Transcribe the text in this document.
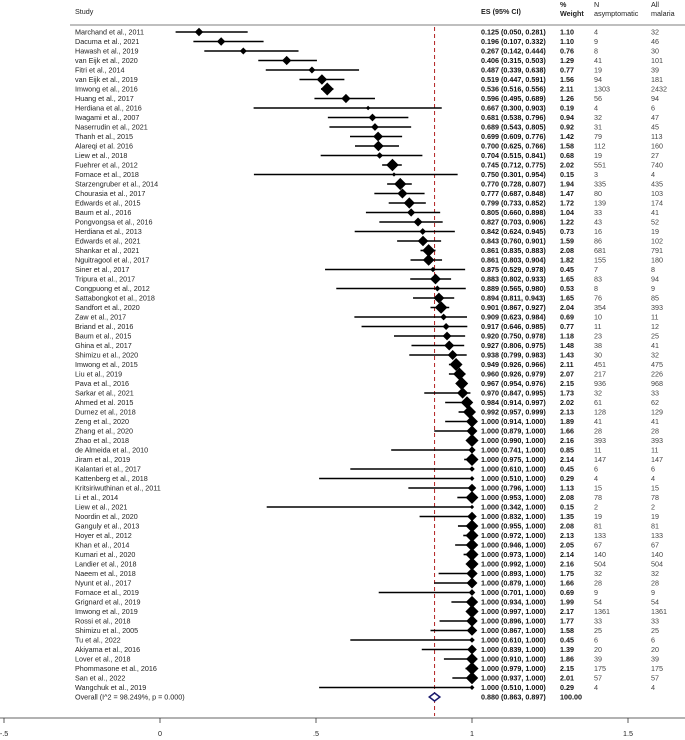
Study	ES (95% CI)
%
Weight
N
asymptomatic
All
malaria
Marchand et al., 2011	0.125 (0.050, 0.281) 1.10	4	32
Dacuma et al., 2021	0.196 (0.107, 0.332) 1.10	9	46
Hawash et al., 2019	0.267 (0.142, 0.444) 0.76	8	30
van Eijk et al., 2020	0.406 (0.315, 0.503) 1.29	41	101
Fitri et al., 2014	0.487 (0.339, 0.638) 0.77	19	39
van Eijk et al., 2019	0.519 (0.447, 0.591) 1.56	94	181
Imwong et al., 2016	0.536 (0.516, 0.556) 2.11	1303	2432
Huang et al., 2017	0.596 (0.495, 0.689) 1.26	56	94
Herdiana et al., 2016	0.667 (0.300, 0.903) 0.19	4	6
Iwagami et al., 2007	0.681 (0.538, 0.796) 0.94	32	47
Naserrudin et al., 2021	0.689 (0.543, 0.805) 0.92	31	45
Thanh et al., 2015	0.699 (0.609, 0.776) 1.42	79	113
Alareqi et al. 2016	0.700 (0.625, 0.766) 1.58	112	160
Liew et al., 2018	0.704 (0.515, 0.841) 0.68	19	27
Fuehrer et al., 2012	0.745 (0.712, 0.775) 2.02	551	740
Fornace et al., 2018	0.750 (0.301, 0.954) 0.15	3	4
Starzengruber et al., 2014	0.770 (0.728, 0.807) 1.94	335	435
Chourasia et al., 2017	0.777 (0.687, 0.848) 1.47	80	103
Edwards et al., 2015	0.799 (0.733, 0.852) 1.72	139	174
Baum et al., 2016	0.805 (0.660, 0.898) 1.04	33	41
Pongvongsa et al., 2016	0.827 (0.703, 0.906) 1.22	43	52
Herdiana et al., 2013	0.842 (0.624, 0.945) 0.73	16	19
Edwards et al., 2021	0.843 (0.760, 0.901) 1.59	86	102
Shankar et al., 2021	0.861 (0.835, 0.883) 2.08	681	791
Nguitragool et al., 2017	0.861 (0.803, 0.904) 1.82	155	180
Siner et al., 2017	0.875 (0.529, 0.978) 0.45	7	8
Tripura et al., 2017	0.883 (0.802, 0.933) 1.65	83	94
Congpuong et al., 2012	0.889 (0.565, 0.980) 0.53	8	9
Sattabongkot et al., 2018	0.894 (0.811, 0.943) 1.65	76	85
Sandfort et al., 2020	0.901 (0.867, 0.927) 2.04	354	393
Zaw et al., 2017	0.909 (0.623, 0.984) 0.69	10	11
Briand et al., 2016	0.917 (0.646, 0.985) 0.77	11	12
Baum et al., 2015	0.920 (0.750, 0.978) 1.18	23	25
Ghina et al., 2017	0.927 (0.806, 0.975) 1.48	38	41
Shimizu et al., 2020	0.938 (0.799, 0.983) 1.43	30	32
Imwong et al., 2015	0.949 (0.926, 0.966) 2.11	451	475
Liu et al., 2019	0.960 (0.926, 0.979) 2.07	217	226
Pava et al., 2016	0.967 (0.954, 0.976) 2.15	936	968
Sarkar et al., 2021	0.970 (0.847, 0.995) 1.73	32	33
Ahmed et al. 2015	0.984 (0.914, 0.997) 2.02	61	62
Durnez et al., 2018	0.992 (0.957, 0.999) 2.13	128	129
Zeng et al., 2020	1.000 (0.914, 1.000) 1.89	41	41
Zhang et al., 2020	1.000 (0.879, 1.000) 1.66	28	28
Zhao et al., 2018	1.000 (0.990, 1.000) 2.16	393	393
de Almeida et al., 2010	1.000 (0.741, 1.000) 0.85	11	11
Jiram et al., 2019	1.000 (0.975, 1.000) 2.14	147	147
Kalantari et al., 2017	1.000 (0.610, 1.000) 0.45	6	6
Kattenberg et al., 2018	1.000 (0.510, 1.000) 0.29	4	4
Kritsiriwuthinan et al., 2011	1.000 (0.796, 1.000) 1.13	15	15
Li et al., 2014	1.000 (0.953, 1.000) 2.08	78	78
Liew et al., 2021	1.000 (0.342, 1.000) 0.15	2	2
Noordin et al., 2020	1.000 (0.832, 1.000) 1.35	19	19
Ganguly et al., 2013	1.000 (0.955, 1.000) 2.08	81	81
Hoyer et al., 2012	1.000 (0.972, 1.000) 2.13	133	133
Khan et al., 2014	1.000 (0.946, 1.000) 2.05	67	67
Kumari et al., 2020	1.000 (0.973, 1.000) 2.14	140	140
Landier et al., 2018	1.000 (0.992, 1.000) 2.16	504	504
Naeem et al., 2018	1.000 (0.893, 1.000) 1.75	32	32
Nyunt et al., 2017	1.000 (0.879, 1.000) 1.66	28	28
Fornace et al., 2019	1.000 (0.701, 1.000) 0.69	9	9
Grignard et al., 2019	1.000 (0.934, 1.000) 1.99	54	54
Imwong et al., 2019	1.000 (0.997, 1.000) 2.17	1361	1361
Rossi et al., 2018	1.000 (0.896, 1.000) 1.77	33	33
Shimizu et al., 2005	1.000 (0.867, 1.000) 1.58	25	25
Tu et al., 2022	1.000 (0.610, 1.000) 0.45	6	6
Akiyama et al., 2016	1.000 (0.839, 1.000) 1.39	20	20
Lover et al., 2018	1.000 (0.910, 1.000) 1.86	39	39
Phommasone et al., 2016	1.000 (0.979, 1.000) 2.15	175	175
San et al., 2022	1.000 (0.937, 1.000) 2.01	57	57
Wangchuk et al., 2019	1.000 (0.510, 1.000) 0.29	4	4
Overall (I^2 = 98.249%, p = 0.000)	0.880 (0.863, 0.897) 100.00
-.5	0	.5	1	1.5
